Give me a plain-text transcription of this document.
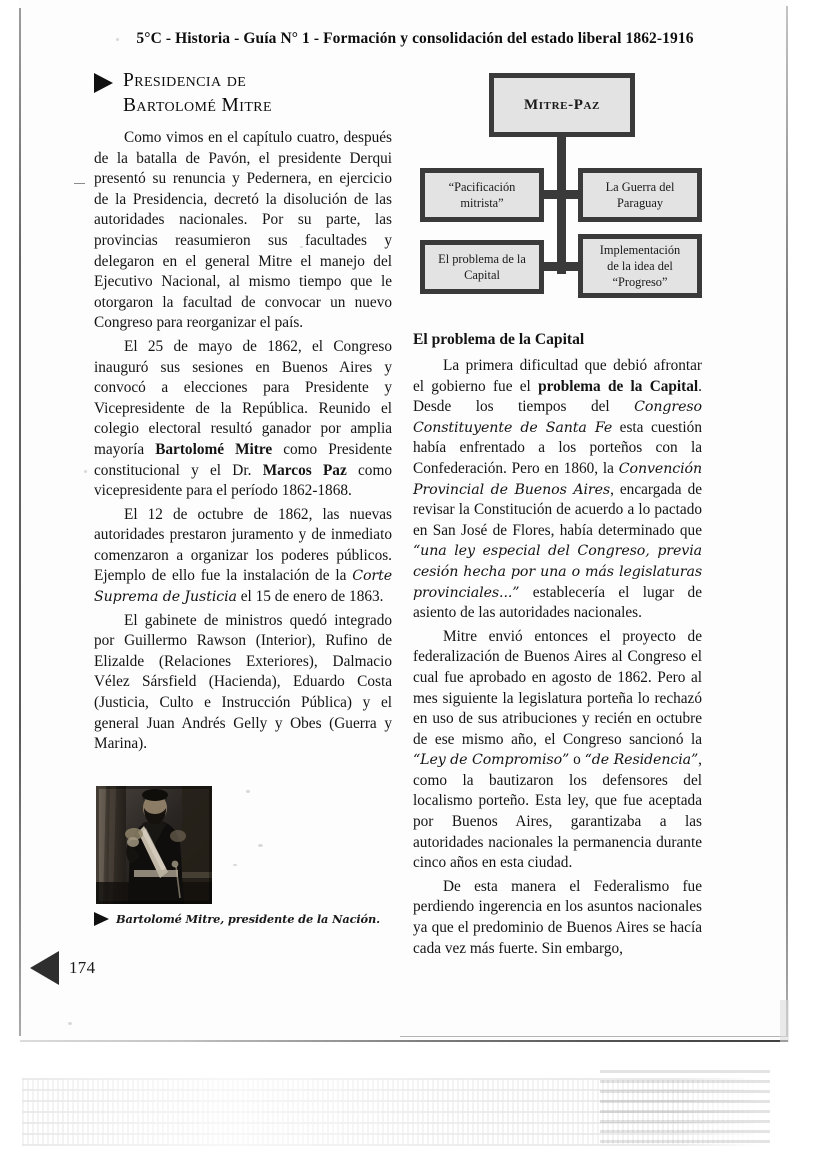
5°C - Historia - Guía N° 1 - Formación y consolidación del estado liberal 1862-1916
Presidencia de
Bartolomé Mitre

Como vimos en el capítulo cuatro, después de la batalla de Pavón, el presidente Derqui presentó su renuncia y Pedernera, en ejercicio de la Presidencia, decretó la disolución de las autoridades nacionales. Por su parte, las provincias reasumieron sus facultades y delegaron en el general Mitre el manejo del Ejecutivo Nacional, al mismo tiempo que le otorgaron la facultad de convocar un nuevo Congreso para reorganizar el país.

El 25 de mayo de 1862, el Congreso inauguró sus sesiones en Buenos Aires y convocó a elecciones para Presidente y Vicepresidente de la República. Reunido el colegio electoral resultó ganador por amplia mayoría Bartolomé Mitre como Presidente constitucional y el Dr. Marcos Paz como vicepresidente para el período 1862-1868.

El 12 de octubre de 1862, las nuevas autoridades prestaron juramento y de inmediato comenzaron a organizar los poderes públicos. Ejemplo de ello fue la instalación de la Corte Suprema de Justicia el 15 de enero de 1863.

El gabinete de ministros quedó integrado por Guillermo Rawson (Interior), Rufino de Elizalde (Relaciones Exteriores), Dalmacio Vélez Sársfield (Hacienda), Eduardo Costa (Justicia, Culto e Instrucción Pública) y el general Juan Andrés Gelly y Obes (Guerra y Marina).

Mitre-Paz
“Pacificación
mitrista”
La Guerra del
Paraguay
El problema de la
Capital
Implementación
de la idea del
“Progreso”
El problema de la Capital

La primera dificultad que debió afrontar el gobierno fue el problema de la Capital. Desde los tiempos del Congreso Constituyente de Santa Fe esta cuestión había enfrentado a los porteños con la Confederación. Pero en 1860, la Convención Provincial de Buenos Aires, encargada de revisar la Constitución de acuerdo a lo pactado en San José de Flores, había determinado que “una ley especial del Congreso, previa cesión hecha por una o más legislaturas provinciales...” establecería el lugar de asiento de las autoridades nacionales.

Mitre envió entonces el proyecto de federalización de Buenos Aires al Congreso el cual fue aprobado en agosto de 1862. Pero al mes siguiente la legislatura porteña lo rechazó en uso de sus atribuciones y recién en octubre de ese mismo año, el Congreso sancionó la “Ley de Compromiso” o “de Residencia”, como la bautizaron los defensores del localismo porteño. Esta ley, que fue aceptada por Buenos Aires, garantizaba a las autoridades nacionales la permanencia durante cinco años en esta ciudad.

De esta manera el Federalismo fue perdiendo ingerencia en los asuntos nacionales ya que el predominio de Buenos Aires se hacía cada vez más fuerte. Sin embargo,

Bartolomé Mitre, presidente de la Nación.
174
